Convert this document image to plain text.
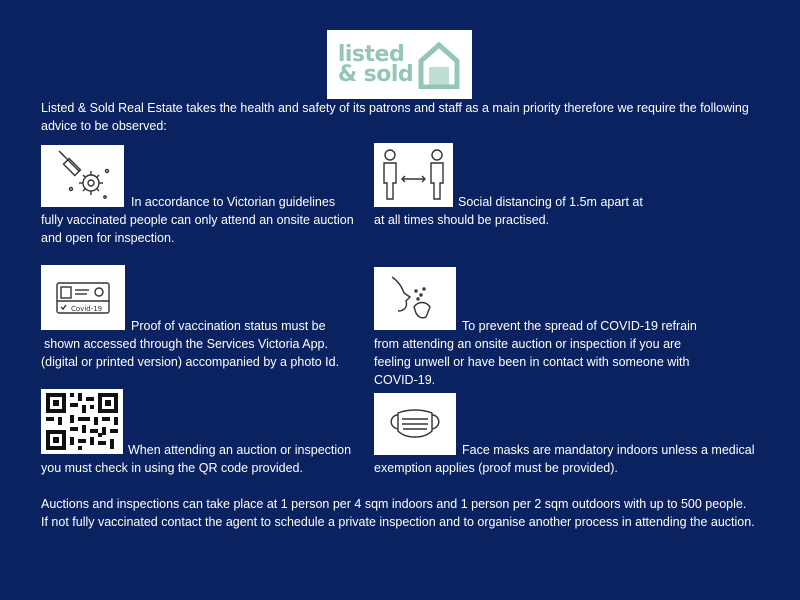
listed
& sold
Listed & Sold Real Estate takes the health and safety of its patrons and staff as a main priority therefore we require the following
advice to be observed:
In accordance to Victorian guidelines
fully vaccinated people can only attend an onsite auction
and open for inspection.
Social distancing of 1.5m apart at
at all times should be practised.
Covid-19
Proof of vaccination status must be
shown accessed through the Services Victoria App.
(digital or printed version) accompanied by a photo Id.
To prevent the spread of COVID-19 refrain
from attending an onsite auction or inspection if you are
feeling unwell or have been in contact with someone with
COVID-19.
When attending an auction or inspection
you must check in using the QR code provided.
Face masks are mandatory indoors unless a medical
exemption applies (proof must be provided).
Auctions and inspections can take place at 1 person per 4 sqm indoors and 1 person per 2 sqm outdoors with up to 500 people.
If not fully vaccinated contact the agent to schedule a private inspection and to organise another process in attending the auction.
